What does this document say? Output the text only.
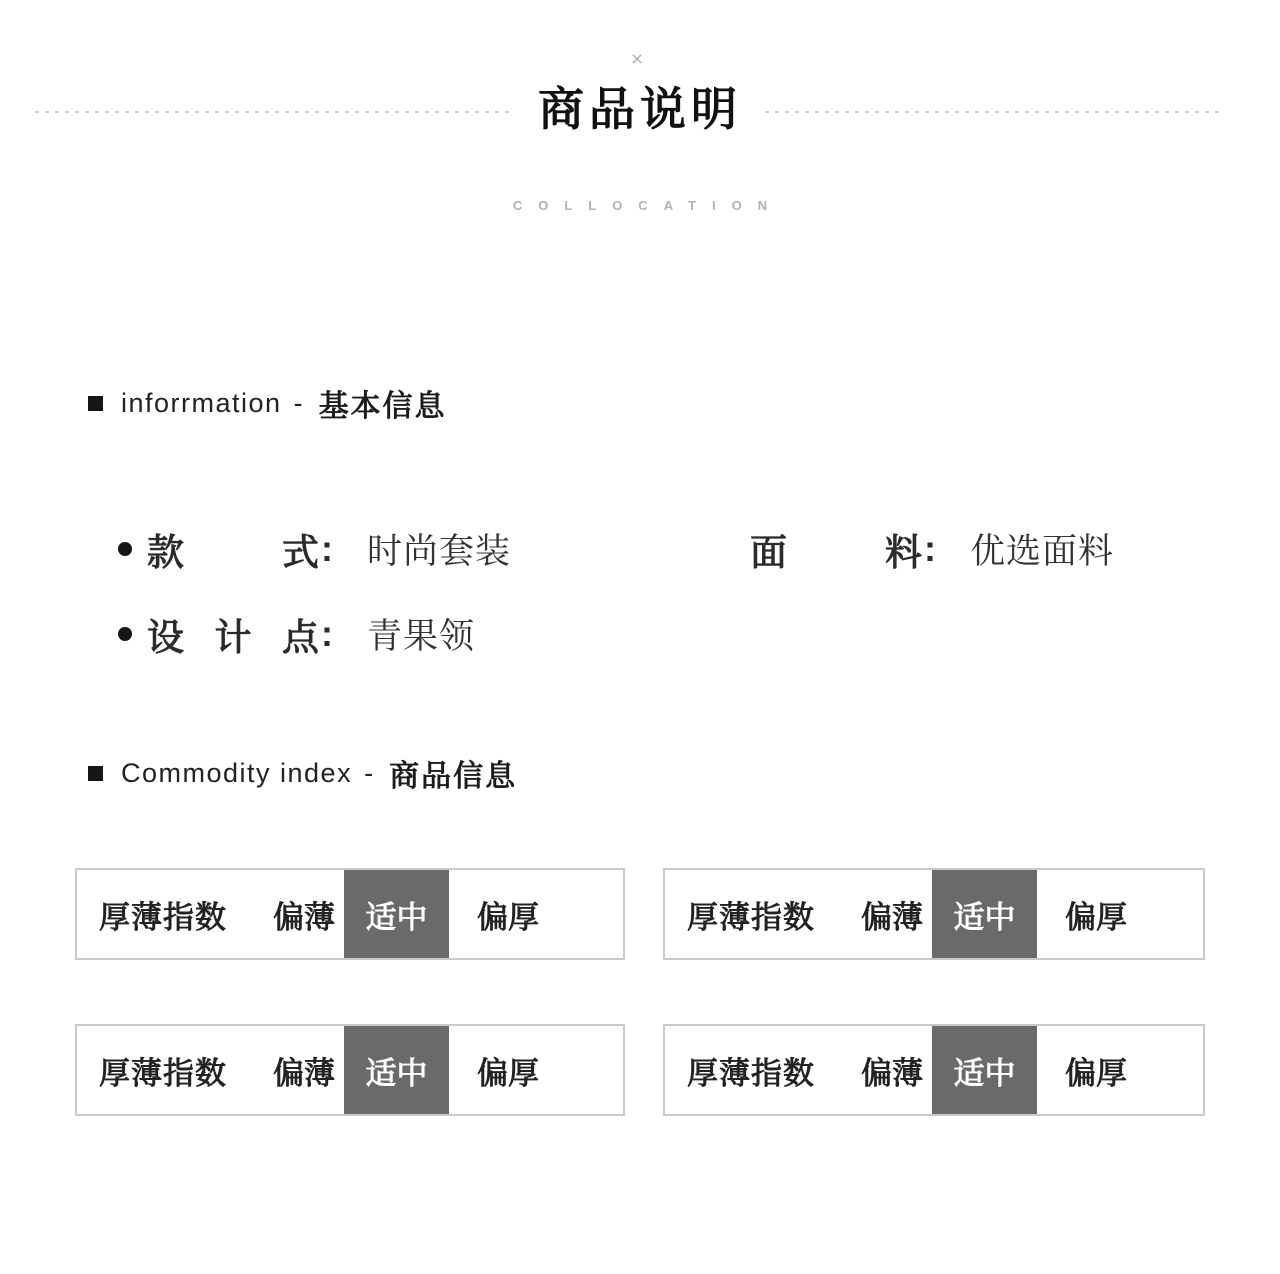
×
商品说明
COLLOCATION
inforrmation - 基本信息
款	式 : 时尚套装	面	料 : 优选面料
设 计 点 : 青果领
Commodity index - 商品信息
厚薄指数 偏薄 适中	偏厚	厚薄指数 偏薄 适中	偏厚
厚薄指数 偏薄 适中	偏厚	厚薄指数 偏薄 适中	偏厚
